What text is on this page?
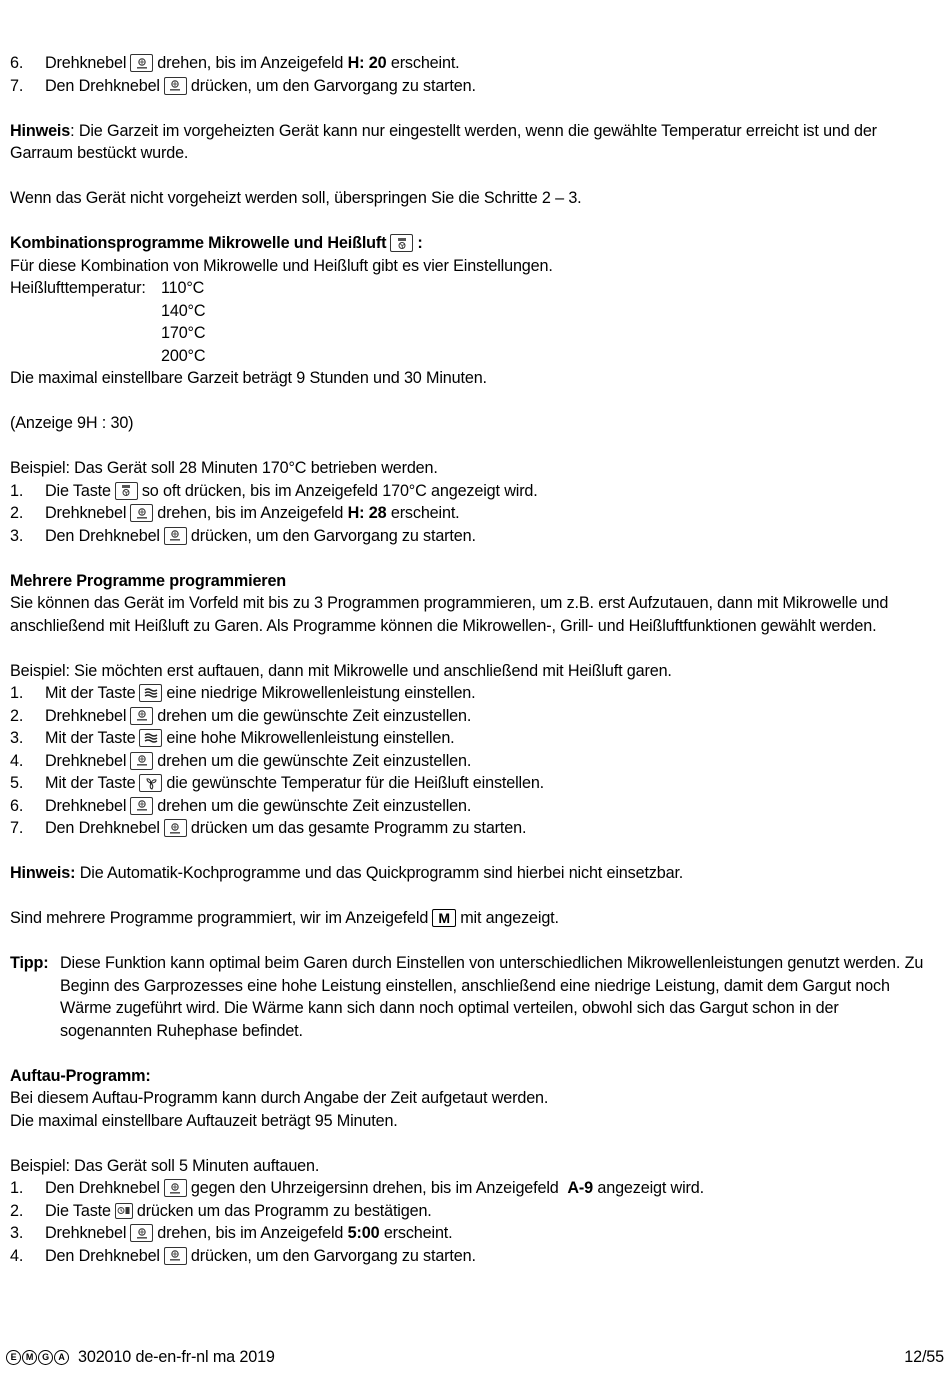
6.	Drehknebel drehen, bis im Anzeigefeld
H: 20
erscheint.
7.	Den Drehknebel drücken, um den Garvorgang zu starten.
Hinweis: Die Garzeit im vorgeheizten Gerät kann nur eingestellt werden, wenn die gewählte Temperatur erreicht ist und der Garraum bestückt wurde.
Wenn das Gerät nicht vorgeheizt werden soll, überspringen Sie die Schritte 2 – 3.
Kombinationsprogramme Mikrowelle und Heißluft :
Für diese Kombination von Mikrowelle und Heißluft gibt es vier Einstellungen.
Heißlufttemperatur: 110°C
140°C
170°C
200°C
Die maximal einstellbare Garzeit beträgt 9 Stunden und 30 Minuten.
(Anzeige 9H : 30)
Beispiel: Das Gerät soll 28 Minuten 170°C betrieben werden.
1.	Die Taste so oft drücken, bis im Anzeigefeld 170°C angezeigt wird.
2.	Drehknebel drehen, bis im Anzeigefeld
H: 28
erscheint.
3.	Den Drehknebel drücken, um den Garvorgang zu starten.
Mehrere Programme programmieren
Sie können das Gerät im Vorfeld mit bis zu 3 Programmen programmieren, um z.B. erst Aufzutauen, dann mit Mikrowelle und anschließend mit Heißluft zu Garen. Als Programme können die Mikrowellen-, Grill- und Heißluftfunktionen gewählt werden.
Beispiel: Sie möchten erst auftauen, dann mit Mikrowelle und anschließend mit Heißluft garen.
1.	Mit der Taste eine niedrige Mikrowellenleistung einstellen.
2.	Drehknebel drehen um die gewünschte Zeit einzustellen.
3.	Mit der Taste eine hohe Mikrowellenleistung einstellen.
4.	Drehknebel drehen um die gewünschte Zeit einzustellen.
5.	Mit der Taste die gewünschte Temperatur für die Heißluft einstellen.
6.	Drehknebel drehen um die gewünschte Zeit einzustellen.
7.	Den Drehknebel drücken um das gesamte Programm zu starten.
Hinweis: Die Automatik-Kochprogramme und das Quickprogramm sind hierbei nicht einsetzbar.
Sind mehrere Programme programmiert, wir im Anzeigefeld M mit angezeigt.
Tipp: Diese Funktion kann optimal beim Garen durch Einstellen von unterschiedlichen Mikrowellenleistungen genutzt werden. Zu Beginn des Garprozesses eine hohe Leistung einstellen, anschließend eine niedrige Leistung, damit dem Gargut noch Wärme zugeführt wird. Die Wärme kann sich dann noch optimal verteilen, obwohl sich das Gargut schon in der sogenannten Ruhephase befindet.
Auftau-Programm:
Bei diesem Auftau-Programm kann durch Angabe der Zeit aufgetaut werden.
Die maximal einstellbare Auftauzeit beträgt 95 Minuten.
Beispiel: Das Gerät soll 5 Minuten auftauen.
1.	Den Drehknebel gegen den Uhrzeigersinn drehen, bis im Anzeigefeld
A-9
angezeigt wird.
2.	Die Taste drücken um das Programm zu bestätigen.
3.	Drehknebel drehen, bis im Anzeigefeld
5:00
erscheint.
4.	Den Drehknebel drücken, um den Garvorgang zu starten.
E	M G	A 302010 de-en-fr-nl ma 2019	12/55
